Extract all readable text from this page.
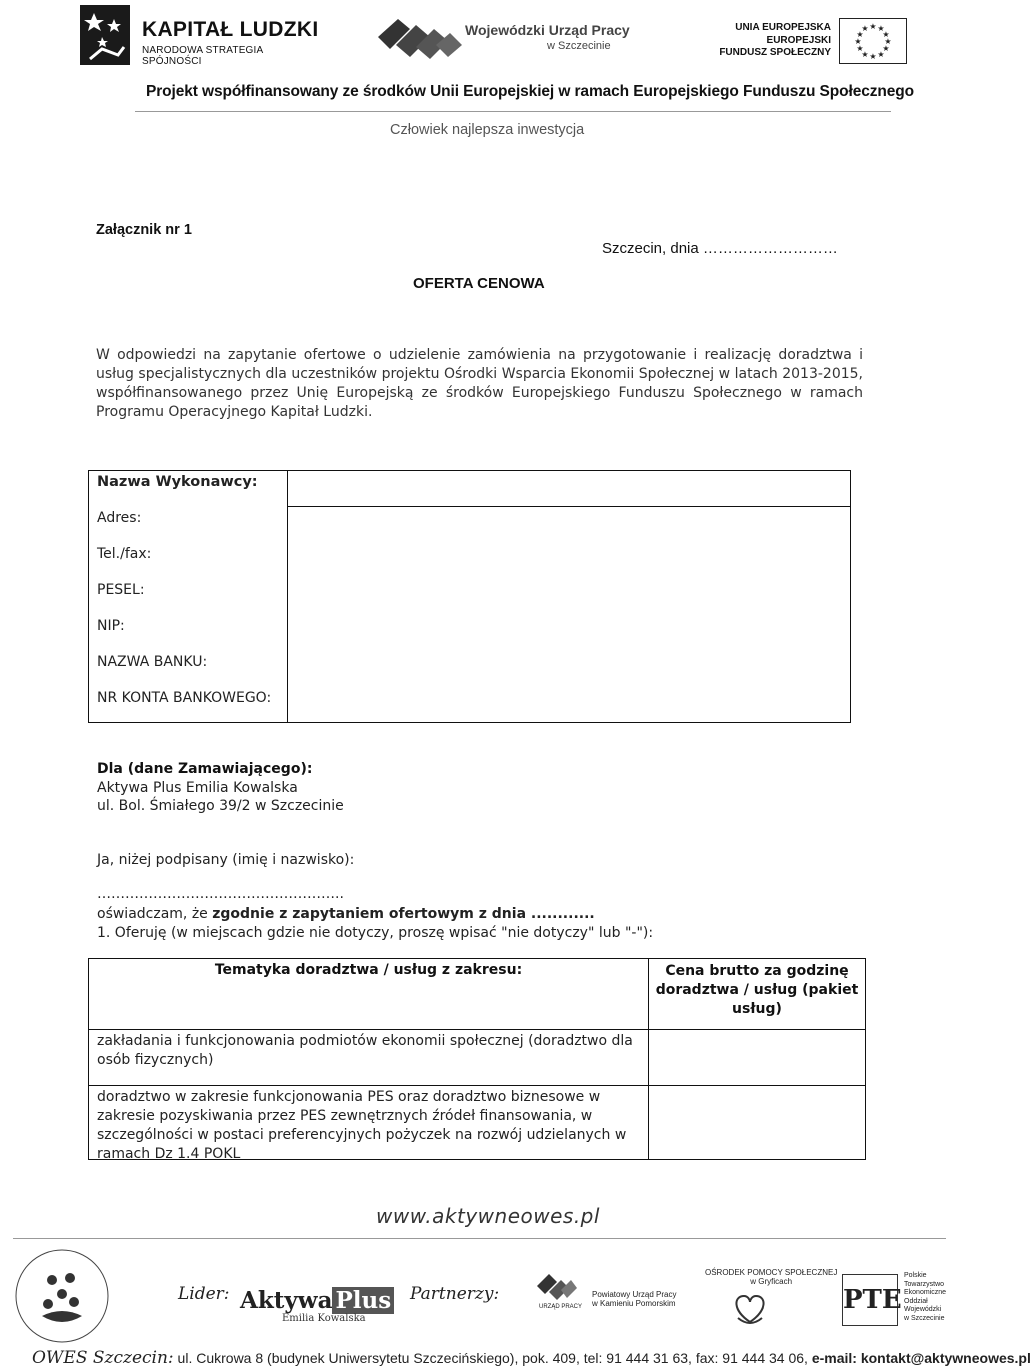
KAPITAŁ LUDZKI
NARODOWA STRATEGIA SPÓJNOŚCI
Wojewódzki Urząd Pracy
w Szczecinie
UNIA EUROPEJSKA
EUROPEJSKI
FUNDUSZ SPOŁECZNY
★ ★
★
★
★
★
★
★
★
★
★
★
Projekt współfinansowany ze środków Unii Europejskiej w ramach Europejskiego Funduszu Społecznego
Człowiek najlepsza inwestycja
Załącznik nr 1
Szczecin, dnia ………………………
OFERTA CENOWA
W odpowiedzi na zapytanie ofertowe o udzielenie zamówienia na przygotowanie i realizację doradztwa i usług specjalistycznych dla uczestników projektu Ośrodki Wsparcia Ekonomii Społecznej w latach 2013-2015, współfinansowanego przez Unię Europejską ze środków Europejskiego Funduszu Społecznego w ramach Programu Operacyjnego Kapitał Ludzki.
Nazwa Wykonawcy:
Adres:
Tel./fax:
PESEL:
NIP:
NAZWA BANKU:
NR KONTA BANKOWEGO:
Dla (dane Zamawiającego):
Aktywa Plus Emilia Kowalska
ul. Bol. Śmiałego 39/2 w Szczecinie
Ja, niżej podpisany (imię i nazwisko):
……………………………………………..
oświadczam, że zgodnie z zapytaniem ofertowym z dnia ............
1. Oferuję (w miejscach gdzie nie dotyczy, proszę wpisać "nie dotyczy" lub "-"):
Tematyka doradztwa / usług z zakresu:	Cena brutto za godzinę doradztwa / usług (pakiet usług)
zakładania i funkcjonowania podmiotów ekonomii społecznej (doradztwo dla osób fizycznych)
doradztwo w zakresie funkcjonowania PES oraz doradztwo biznesowe w zakresie pozyskiwania przez PES zewnętrznych źródeł finansowania, w szczególności w postaci preferencyjnych pożyczek na rozwój udzielanych w ramach Dz 1.4 POKL
www.aktywneowes.pl
Lider: Aktywa Plus
Emilia Kowalska
Partnerzy:
URZĄD PRACY
Powiatowy Urząd Pracy
w Kamieniu Pomorskim
OŚRODEK POMOCY SPOŁECZNEJ
w Gryficach
PTE
Polskie
Towarzystwo
Ekonomiczne
Oddział
Wojewódzki
w Szczecinie
OWES Szczecin: ul. Cukrowa 8 (budynek Uniwersytetu Szczecińskiego), pok. 409, tel: 91 444 31 63, fax: 91 444 34 06, e-mail: kontakt@aktywneowes.pl
